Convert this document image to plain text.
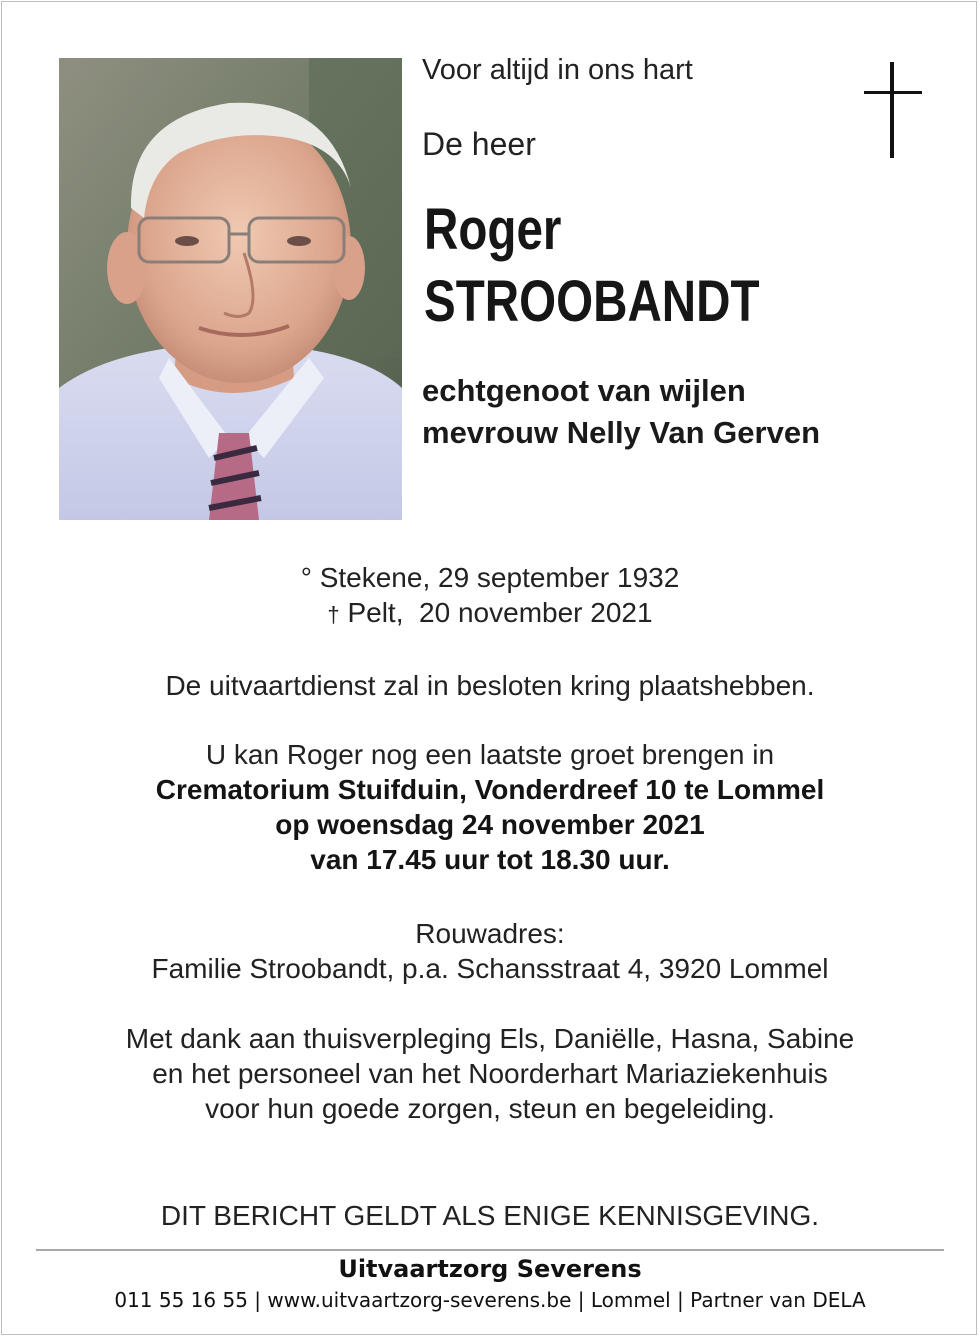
Voor altijd in ons hart
De heer
Roger
STROOBANDT
echtgenoot van wijlen
mevrouw Nelly Van Gerven
° Stekene, 29 september 1932
† Pelt, 20 november 2021
De uitvaartdienst zal in besloten kring plaatshebben.
U kan Roger nog een laatste groet brengen in
Crematorium Stuifduin, Vonderdreef 10 te Lommel
op woensdag 24 november 2021
van 17.45 uur tot 18.30 uur.
Rouwadres:
Familie Stroobandt, p.a. Schansstraat 4, 3920 Lommel
Met dank aan thuisverpleging Els, Daniëlle, Hasna, Sabine
en het personeel van het Noorderhart Mariaziekenhuis
voor hun goede zorgen, steun en begeleiding.
DIT BERICHT GELDT ALS ENIGE KENNISGEVING.
Uitvaartzorg Severens
011 55 16 55 | www.uitvaartzorg-severens.be | Lommel | Partner van DELA
